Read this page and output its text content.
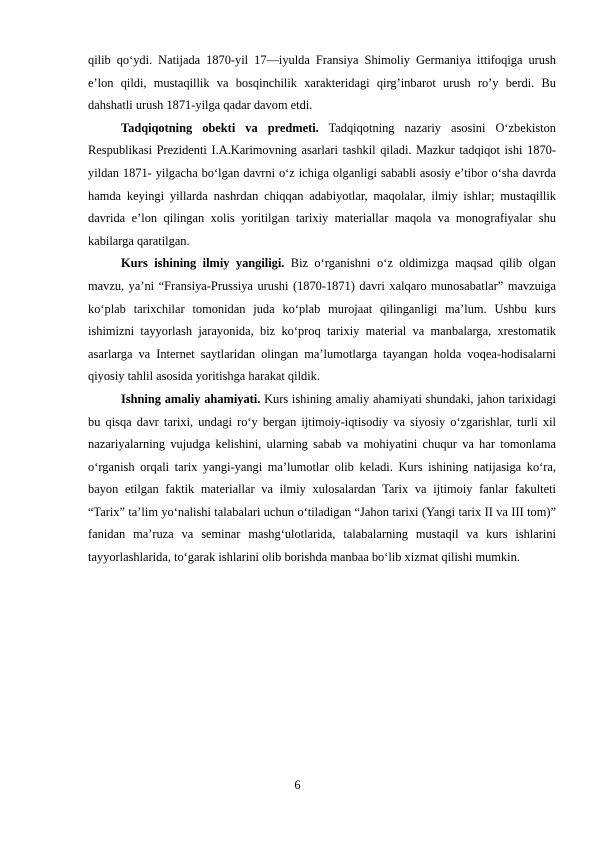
qilib qo‘ydi. Natijada 1870-yil 17—iyulda Fransiya Shimoliy Germaniya ittifoqiga urush e’lon qildi, mustaqillik va bosqinchilik xarakteridagi qirg’inbarot urush ro’y berdi. Bu dahshatli urush 1871-yilga qadar davom etdi.

Tadqiqotning obekti va predmeti. Tadqiqotning nazariy asosini O‘zbekiston Respublikasi Prezidenti I.A.Karimovning asarlari tashkil qiladi. Mazkur tadqiqot ishi 1870- yildan 1871- yilgacha bo‘lgan davrni o‘z ichiga olganligi sababli asosiy e’tibor o‘sha davrda hamda keyingi yillarda nashrdan chiqqan adabiyotlar, maqolalar, ilmiy ishlar; mustaqillik davrida e’lon qilingan xolis yoritilgan tarixiy materiallar maqola va monografiyalar shu kabilarga qaratilgan.

Kurs ishining ilmiy yangiligi. Biz o‘rganishni o‘z oldimizga maqsad qilib olgan mavzu, ya’ni “Fransiya-Prussiya urushi (1870-1871) davri xalqaro munosabatlar” mavzuiga ko‘plab tarixchilar tomonidan juda ko‘plab murojaat qilinganligi ma’lum. Ushbu kurs ishimizni tayyorlash jarayonida, biz ko‘proq tarixiy material va manbalarga, xrestomatik asarlarga va Internet saytlaridan olingan ma’lumotlarga tayangan holda voqea-hodisalarni qiyosiy tahlil asosida yoritishga harakat qildik.

Ishning amaliy ahamiyati. Kurs ishining amaliy ahamiyati shundaki, jahon tarixidagi bu qisqa davr tarixi, undagi ro‘y bergan ijtimoiy-iqtisodiy va siyosiy o‘zgarishlar, turli xil nazariyalarning vujudga kelishini, ularning sabab va mohiyatini chuqur va har tomonlama o‘rganish orqali tarix yangi-yangi ma’lumotlar olib keladi. Kurs ishining natijasiga ko‘ra, bayon etilgan faktik materiallar va ilmiy xulosalardan Tarix va ijtimoiy fanlar fakulteti “Tarix” ta’lim yo‘nalishi talabalari uchun o‘tiladigan “Jahon tarixi (Yangi tarix II va III tom)” fanidan ma’ruza va seminar mashg‘ulotlarida, talabalarning mustaqil va kurs ishlarini tayyorlashlarida, to‘garak ishlarini olib borishda manbaa bo‘lib xizmat qilishi mumkin.

6
